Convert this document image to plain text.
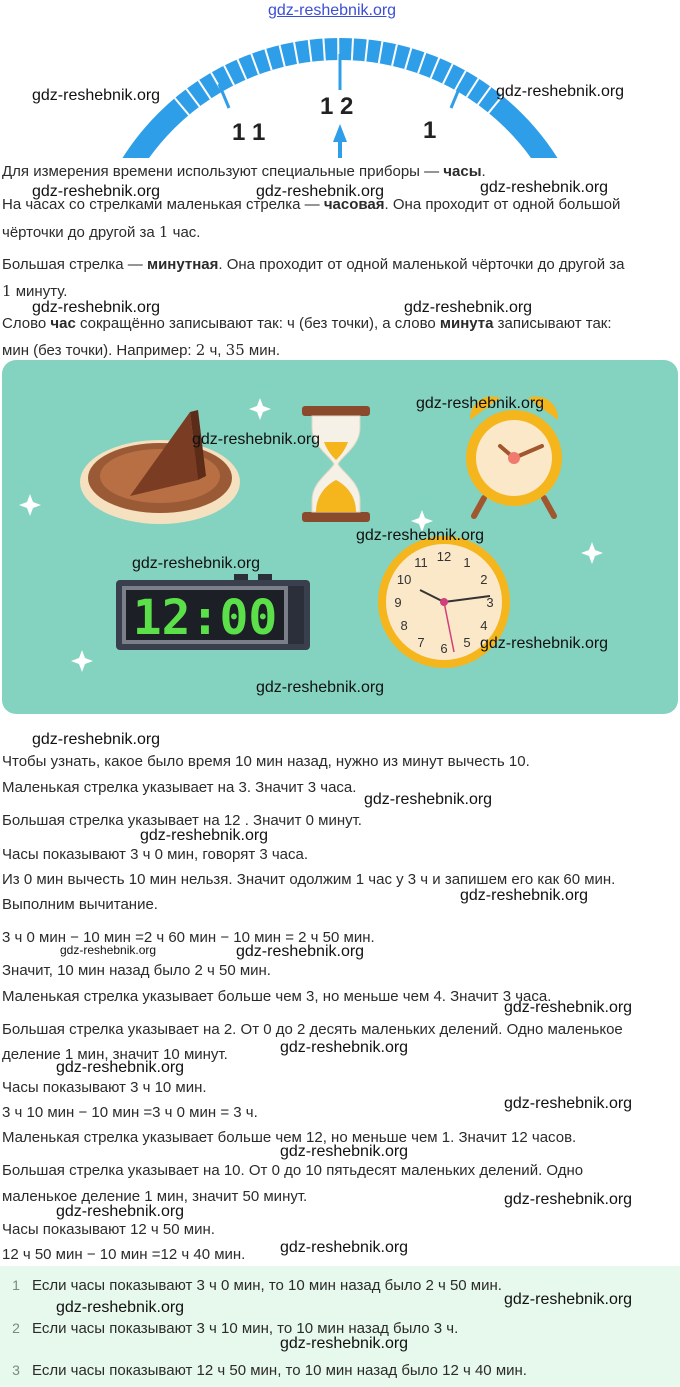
1 1
1 2
1
Для измерения времени используют специальные приборы — часы.
На часах со стрелками маленькая стрелка — часовая. Она проходит от одной большой
чёрточки до другой за 1 час.
Большая стрелка — минутная. Она проходит от одной маленькой чёрточки до другой за
1 минуту.
Слово час сокращённо записывают так: ч (без точки), а слово минута записывают так:
мин (без точки). Например: 2 ч, 35 мин.
12:00
12 1
2
3
4
5
6
7
8
9
10
11
Чтобы узнать, какое было время 10 мин назад, нужно из минут вычесть 10.
Маленькая стрелка указывает на 3. Значит 3 часа.
Большая стрелка указывает на 12 . Значит 0 минут.
Часы показывают 3 ч 0 мин, говорят 3 часа.
Из 0 мин вычесть 10 мин нельзя. Значит одолжим 1 час у 3 ч и запишем его как 60 мин.
Выполним вычитание.
3 ч 0 мин − 10 мин =2 ч 60 мин − 10 мин = 2 ч 50 мин.
Значит, 10 мин назад было 2 ч 50 мин.
Маленькая стрелка указывает больше чем 3, но меньше чем 4. Значит 3 часа.
Большая стрелка указывает на 2. От 0 до 2 десять маленьких делений. Одно маленькое
деление 1 мин, значит 10 минут.
Часы показывают 3 ч 10 мин.
3 ч 10 мин − 10 мин =3 ч 0 мин = 3 ч.
Маленькая стрелка указывает больше чем 12, но меньше чем 1. Значит 12 часов.
Большая стрелка указывает на 10. От 0 до 10 пятьдесят маленьких делений. Одно
маленькое деление 1 мин, значит 50 минут.
Часы показывают 12 ч 50 мин.
12 ч 50 мин − 10 мин =12 ч 40 мин.
1 Если часы показывают 3 ч 0 мин, то 10 мин назад было 2 ч 50 мин.
2 Если часы показывают 3 ч 10 мин, то 10 мин назад было 3 ч.
3 Если часы показывают 12 ч 50 мин, то 10 мин назад было 12 ч 40 мин.
gdz-reshebnik.org
gdz-reshebnik.org	gdz-reshebnik.org
gdz-reshebnik.org	gdz-reshebnik.org	gdz-reshebnik.org
gdz-reshebnik.org	gdz-reshebnik.org
gdz-reshebnik.org
gdz-reshebnik.org
gdz-reshebnik.org
gdz-reshebnik.org
gdz-reshebnik.org
gdz-reshebnik.org
gdz-reshebnik.org
gdz-reshebnik.org
gdz-reshebnik.org
gdz-reshebnik.org
gdz-reshebnik.org	gdz-reshebnik.org
gdz-reshebnik.org
gdz-reshebnik.org
gdz-reshebnik.org
gdz-reshebnik.org
gdz-reshebnik.org
gdz-reshebnik.org
gdz-reshebnik.org
gdz-reshebnik.org
gdz-reshebnik.org
gdz-reshebnik.org
gdz-reshebnik.org
